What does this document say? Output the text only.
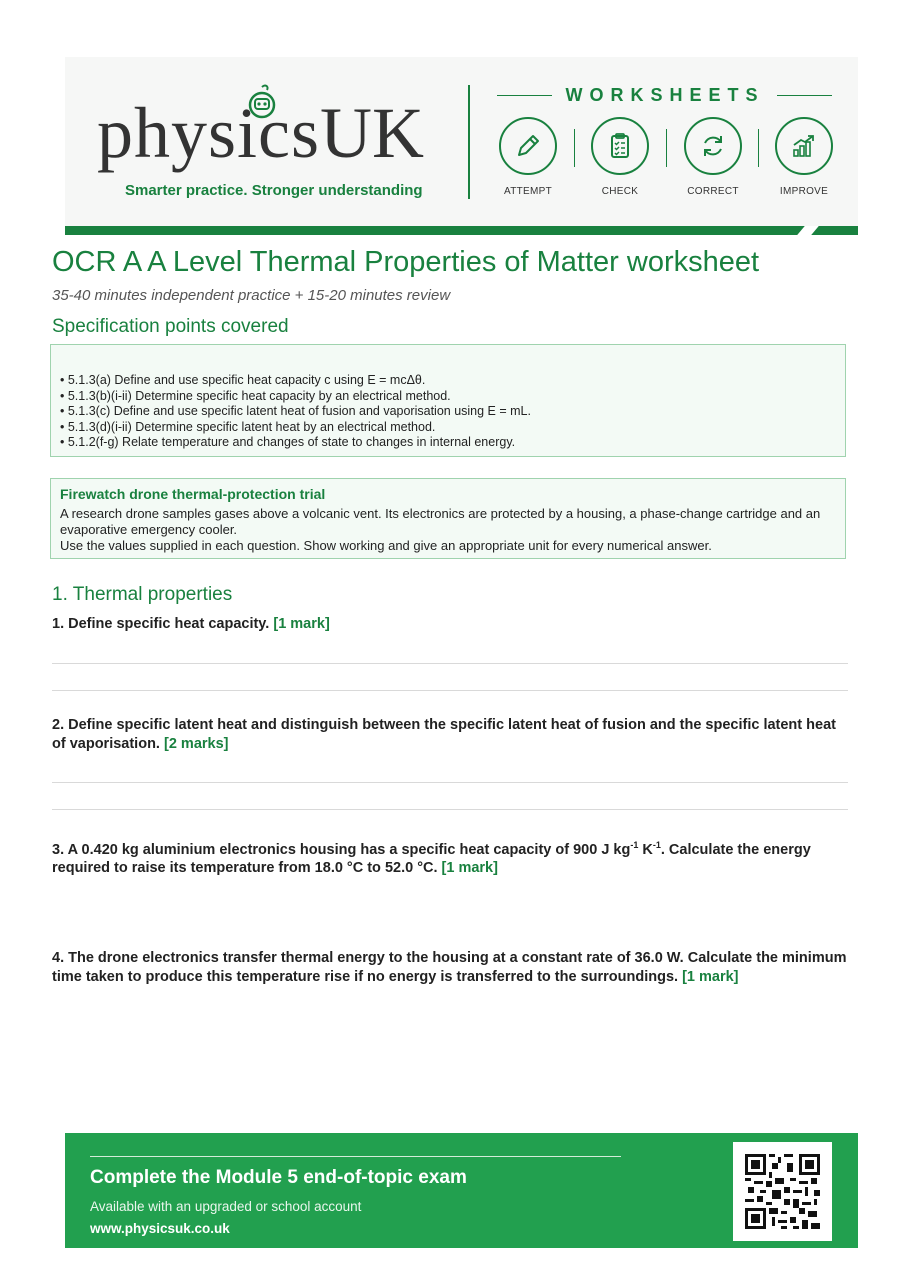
physicsUK
Smarter practice. Stronger understanding
WORKSHEETS
ATTEMPT	CHECK	CORRECT	IMPROVE
OCR A A Level Thermal Properties of Matter worksheet
35-40 minutes independent practice + 15-20 minutes review
Specification points covered
• 5.1.3(a) Define and use specific heat capacity c using E = mcΔθ.
• 5.1.3(b)(i-ii) Determine specific heat capacity by an electrical method.
• 5.1.3(c) Define and use specific latent heat of fusion and vaporisation using E = mL.
• 5.1.3(d)(i-ii) Determine specific latent heat by an electrical method.
• 5.1.2(f-g) Relate temperature and changes of state to changes in internal energy.
Firewatch drone thermal-protection trial
A research drone samples gases above a volcanic vent. Its electronics are protected by a housing, a phase-change cartridge and an evaporative emergency cooler.
Use the values supplied in each question. Show working and give an appropriate unit for every numerical answer.
1. Thermal properties
1. Define specific heat capacity. [1 mark]
2. Define specific latent heat and distinguish between the specific latent heat of fusion and the specific latent heat of vaporisation. [2 marks]
3. A 0.420 kg aluminium electronics housing has a specific heat capacity of 900 J $kg^{-1}$ $K^{-1}$. Calculate the energy required to raise its temperature from 18.0 °C to 52.0 °C. [1 mark]
4. The drone electronics transfer thermal energy to the housing at a constant rate of 36.0 W. Calculate the minimum time taken to produce this temperature rise if no energy is transferred to the surroundings. [1 mark]
Complete the Module 5 end-of-topic exam
Available with an upgraded or school account
www.physicsuk.co.uk
